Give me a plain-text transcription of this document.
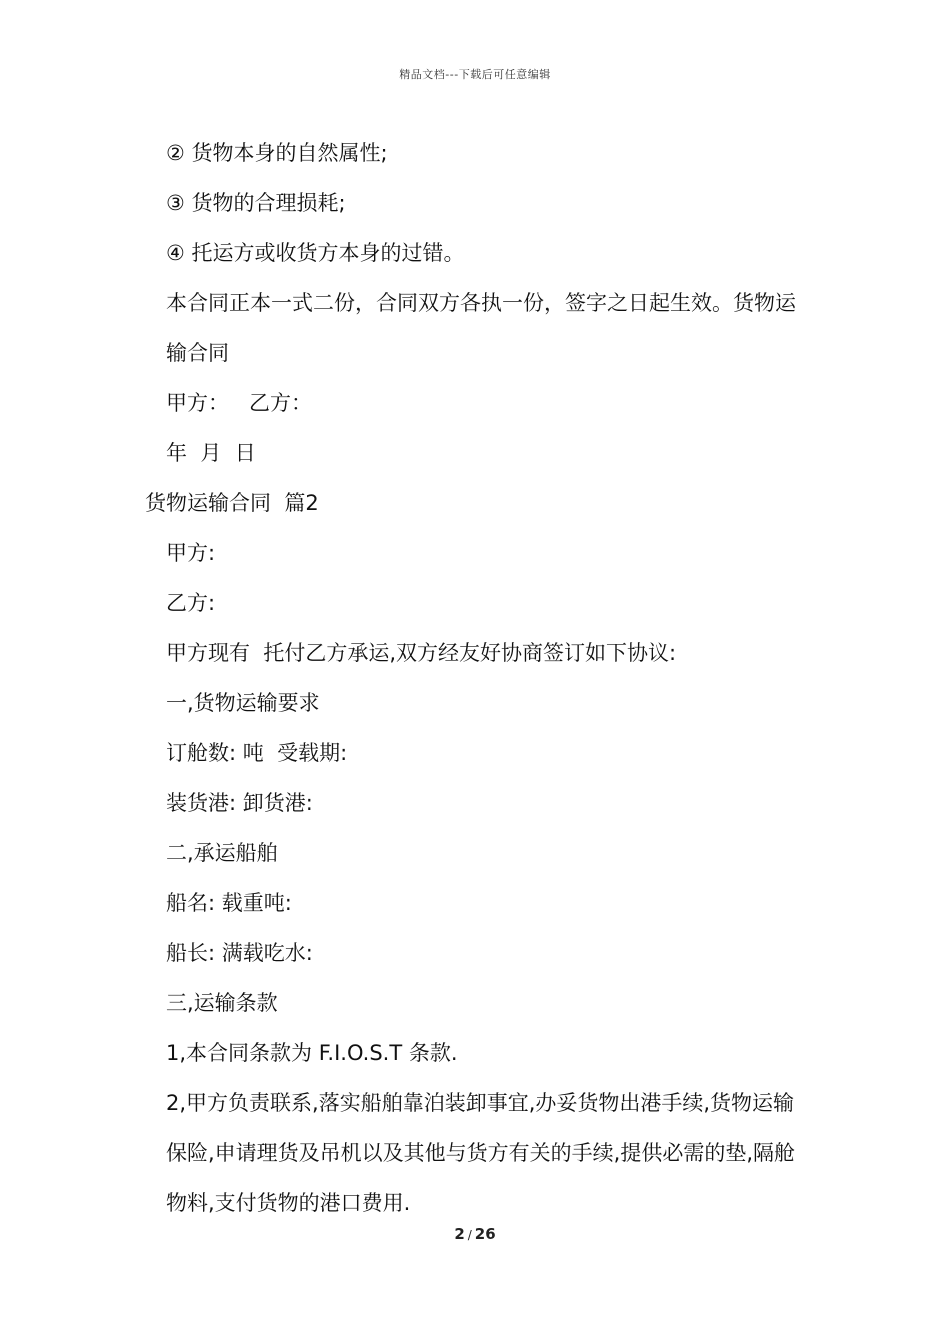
精品文档---下载后可任意编辑

② 货物本身的自然属性;

③ 货物的合理损耗;

④ 托运方或收货方本身的过错。

本合同正本一式二份，合同双方各执一份，签字之日起生效。货物运输合同

甲方：   乙方：

年  月  日

货物运输合同  篇2

甲方:

乙方:

甲方现有  托付乙方承运,双方经友好协商签订如下协议:

一,货物运输要求

订舱数: 吨  受载期:

装货港: 卸货港:

二,承运船舶

船名: 载重吨:

船长: 满载吃水:

三,运输条款

1,本合同条款为 F.I.O.S.T 条款.

2,甲方负责联系,落实船舶靠泊装卸事宜,办妥货物出港手续,货物运输保险,申请理货及吊机以及其他与货方有关的手续,提供必需的垫,隔舱物料,支付货物的港口费用.

2 / 26
